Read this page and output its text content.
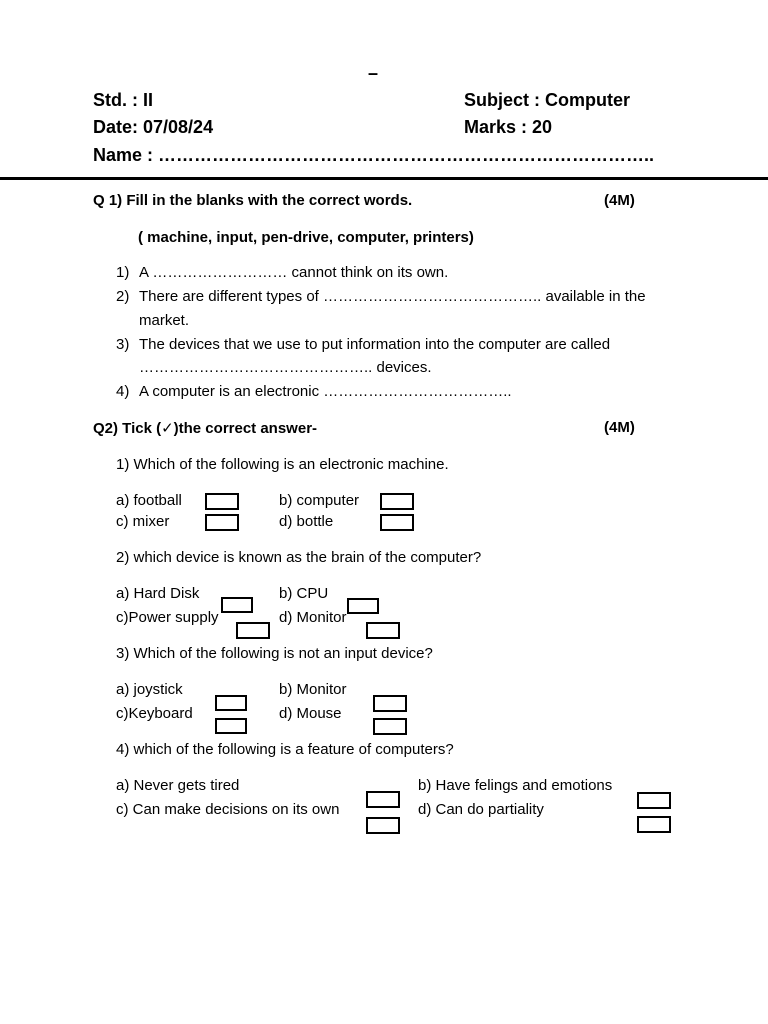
–
Std. : II	Subject : Computer
Date: 07/08/24	Marks : 20
Name : ………………………………………………………………………..
Q 1) Fill in the blanks with the correct words.	(4M)
( machine, input, pen-drive, computer, printers)
1) A ……………………… cannot think on its own.
2) There are different types of …………………………………….. available in the
market.
3) The devices that we use to put information into the computer are called
……………………………………….. devices.
4) A computer is an electronic ………………………………..
Q2) Tick (✓)the correct answer-	(4M)
1) Which of the following is an electronic machine.
a) football	b) computer
c) mixer	d) bottle
2) which device is known as the brain of the computer?
a) Hard Disk	b) CPU
c)Power supply	d) Monitor
3) Which of the following is not an input device?
a) joystick	b) Monitor
c)Keyboard	d) Mouse
4) which of the following is a feature of computers?
a) Never gets tired	b) Have felings and emotions
c) Can make decisions on its own	d) Can do partiality
